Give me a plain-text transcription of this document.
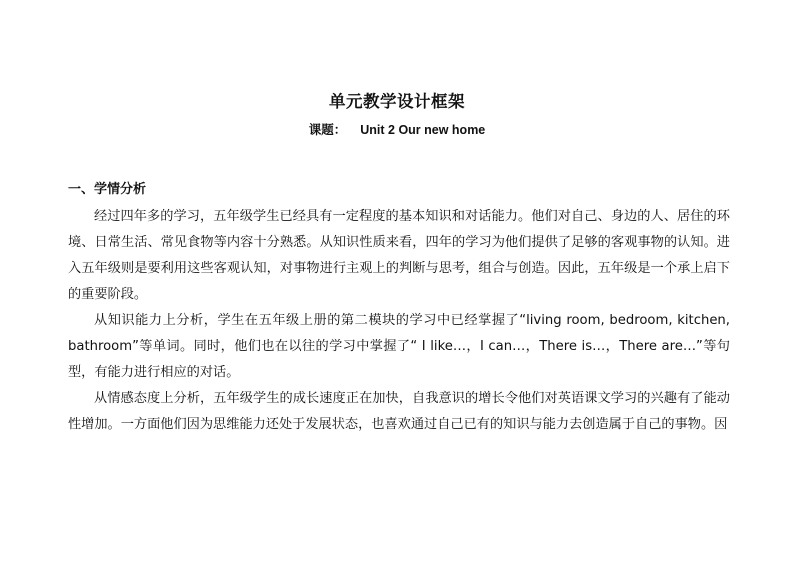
单元教学设计框架
课题： Unit 2 Our new home
一、学情分析

经过四年多的学习，五年级学生已经具有一定程度的基本知识和对话能力。他们对自己、身边的人、居住的环境、日常生活、常见食物等内容十分熟悉。从知识性质来看，四年的学习为他们提供了足够的客观事物的认知。进入五年级则是要利用这些客观认知，对事物进行主观上的判断与思考，组合与创造。因此，五年级是一个承上启下的重要阶段。

从知识能力上分析，学生在五年级上册的第二模块的学习中已经掌握了“living room, bedroom, kitchen, bathroom”等单词。同时，他们也在以往的学习中掌握了“ I like…，I can…，There is…，There are…”等句型，有能力进行相应的对话。

从情感态度上分析，五年级学生的成长速度正在加快，自我意识的增长令他们对英语课文学习的兴趣有了能动性增加。一方面他们因为思维能力还处于发展状态，也喜欢通过自己已有的知识与能力去创造属于自己的事物。因
